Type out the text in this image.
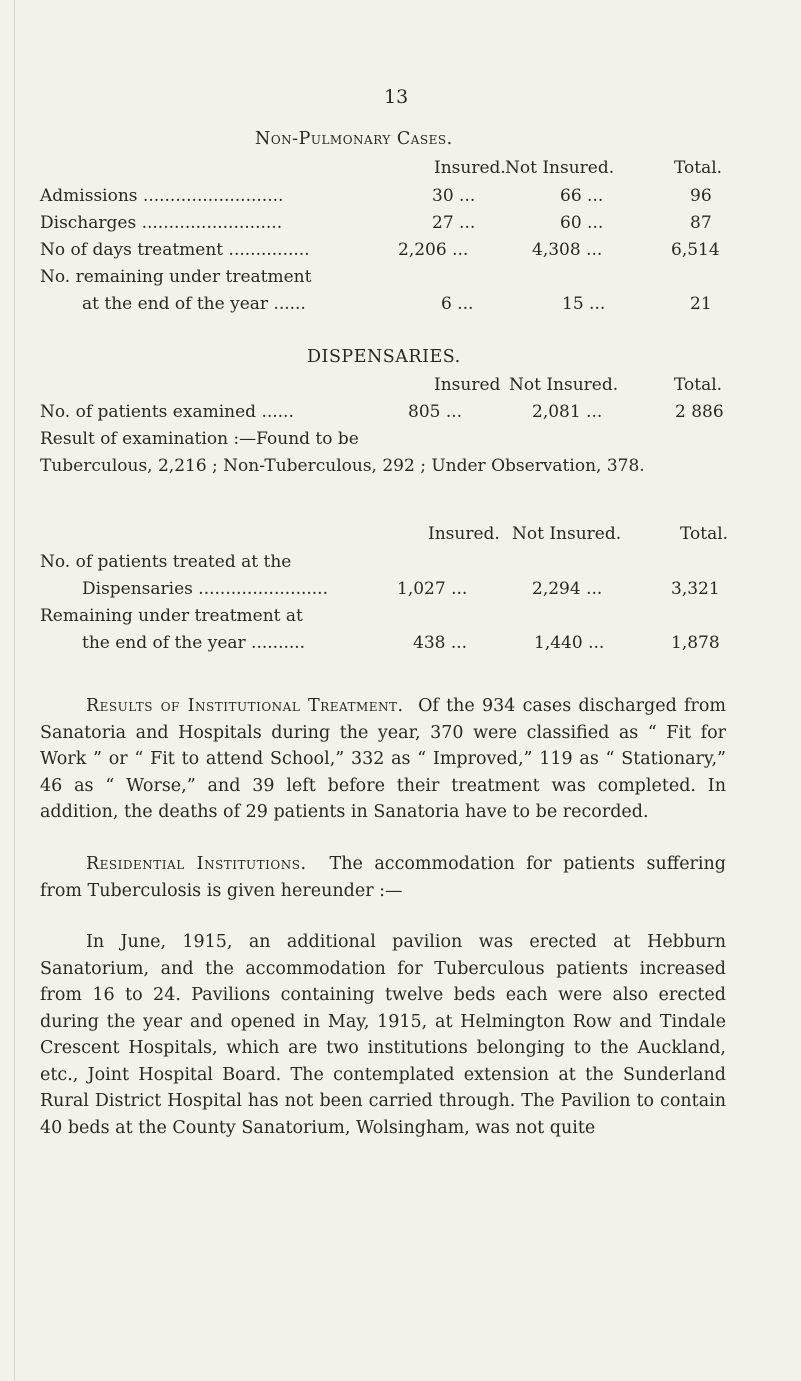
13
Non-Pulmonary Cases.
Insured. Not Insured.	Total.
Admissions ..........................	30 ...	66 ...	96
Discharges ..........................	27 ...	60 ...	87
No of days treatment ...............	2,206 ...	4,308 ...	6,514
No. remaining under treatment
at the end of the year ......	6 ...	15 ...	21
DISPENSARIES.
Insured Not Insured.	Total.
No. of patients examined ......	805 ...	2,081 ...	2 886
Result of examination :—Found to be
Tuberculous, 2,216 ; Non-Tuberculous, 292 ; Under Observation, 378.
Insured. Not Insured.	Total.
No. of patients treated at the
Dispensaries ........................	1,027 ...	2,294 ...	3,321
Remaining under treatment at
the end of the year ..........	438 ...	1,440 ...	1,878

Results of Institutional Treatment. Of the 934 cases discharged from Sanatoria and Hospitals during the year, 370 were classified as “ Fit for Work ” or “ Fit to attend School,” 332 as “ Improved,” 119 as “ Stationary,” 46 as “ Worse,” and 39 left before their treatment was completed. In addition, the deaths of 29 patients in Sanatoria have to be recorded.

Residential Institutions. The accommodation for patients suffering from Tuberculosis is given hereunder :—

In June, 1915, an additional pavilion was erected at Hebburn Sanatorium, and the accommodation for Tuberculous patients increased from 16 to 24. Pavilions containing twelve beds each were also erected during the year and opened in May, 1915, at Helmington Row and Tindale Crescent Hospitals, which are two institutions belonging to the Auckland, etc., Joint Hospital Board. The contemplated extension at the Sunderland Rural District Hospital has not been carried through. The Pavilion to contain 40 beds at the County Sanatorium, Wolsingham, was not quite
